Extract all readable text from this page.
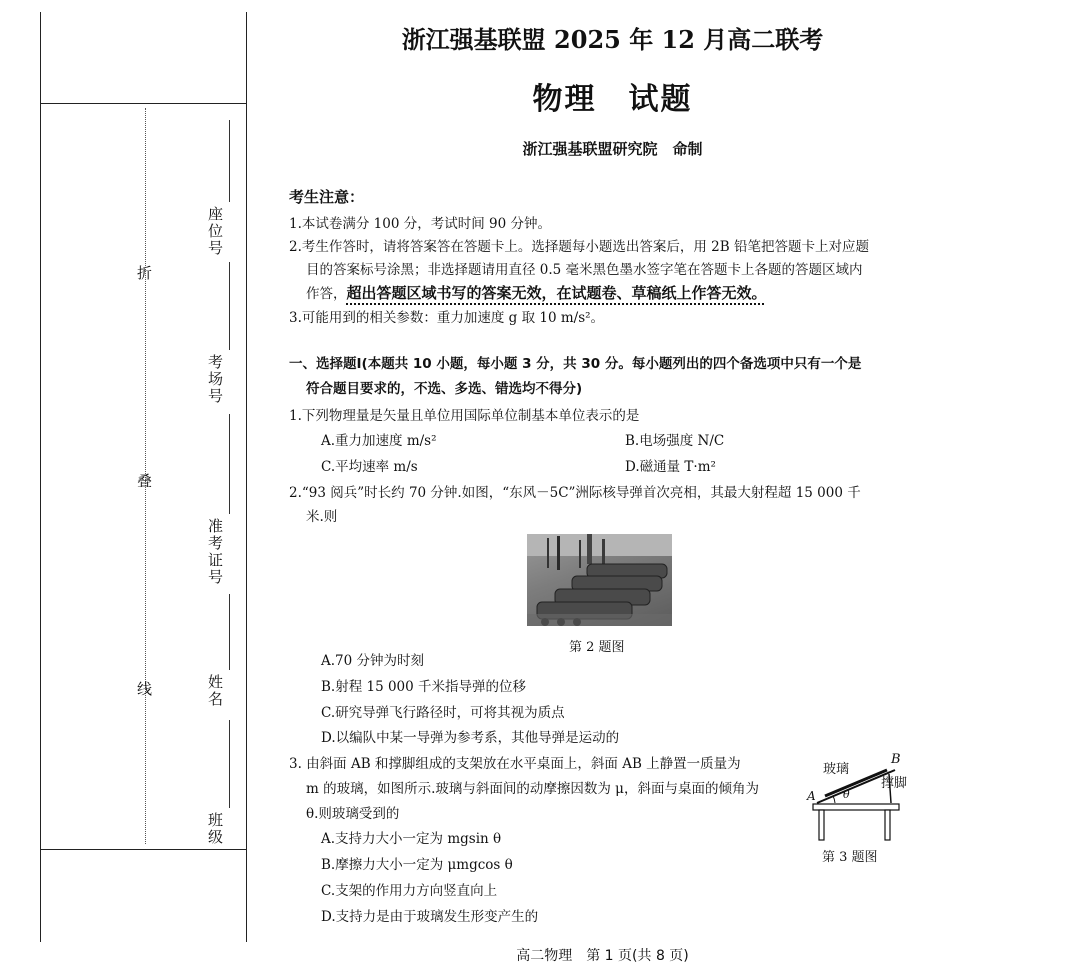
折
叠
线
座位号
考场号
准考证号
姓名
班级
浙江强基联盟 2025 年 12 月高二联考
物理　试题
浙江强基联盟研究院　命制
考生注意：
1.本试卷满分 100 分，考试时间 90 分钟。
2.考生作答时，请将答案答在答题卡上。选择题每小题选出答案后，用 2B 铅笔把答题卡上对应题
目的答案标号涂黑；非选择题请用直径 0.5 毫米黑色墨水签字笔在答题卡上各题的答题区域内
作答，超出答题区域书写的答案无效，在试题卷、草稿纸上作答无效。
3.可能用到的相关参数：重力加速度 g 取 10 m/s²。
一、选择题Ⅰ(本题共 10 小题，每小题 3 分，共 30 分。每小题列出的四个备选项中只有一个是
符合题目要求的，不选、多选、错选均不得分)
1.下列物理量是矢量且单位用国际单位制基本单位表示的是
A.重力加速度 m/s²	B.电场强度 N/C
C.平均速率 m/s	D.磁通量 T·m²
2.“93 阅兵”时长约 70 分钟.如图，“东风－5C”洲际核导弹首次亮相，其最大射程超 15 000 千
米.则
第 2 题图
A.70 分钟为时刻
B.射程 15 000 千米指导弹的位移
C.研究导弹飞行路径时，可将其视为质点
D.以编队中某一导弹为参考系，其他导弹是运动的
3. 由斜面 AB 和撑脚组成的支架放在水平桌面上，斜面 AB 上静置一质量为
m 的玻璃，如图所示.玻璃与斜面间的动摩擦因数为 μ，斜面与桌面的倾角为
θ.则玻璃受到的
A.支持力大小一定为 mgsin θ
B.摩擦力大小一定为 μmgcos θ
C.支架的作用力方向竖直向上
D.支持力是由于玻璃发生形变产生的
玻璃
B
撑脚
A θ
第 3 题图
高二物理　第 1 页(共 8 页)
